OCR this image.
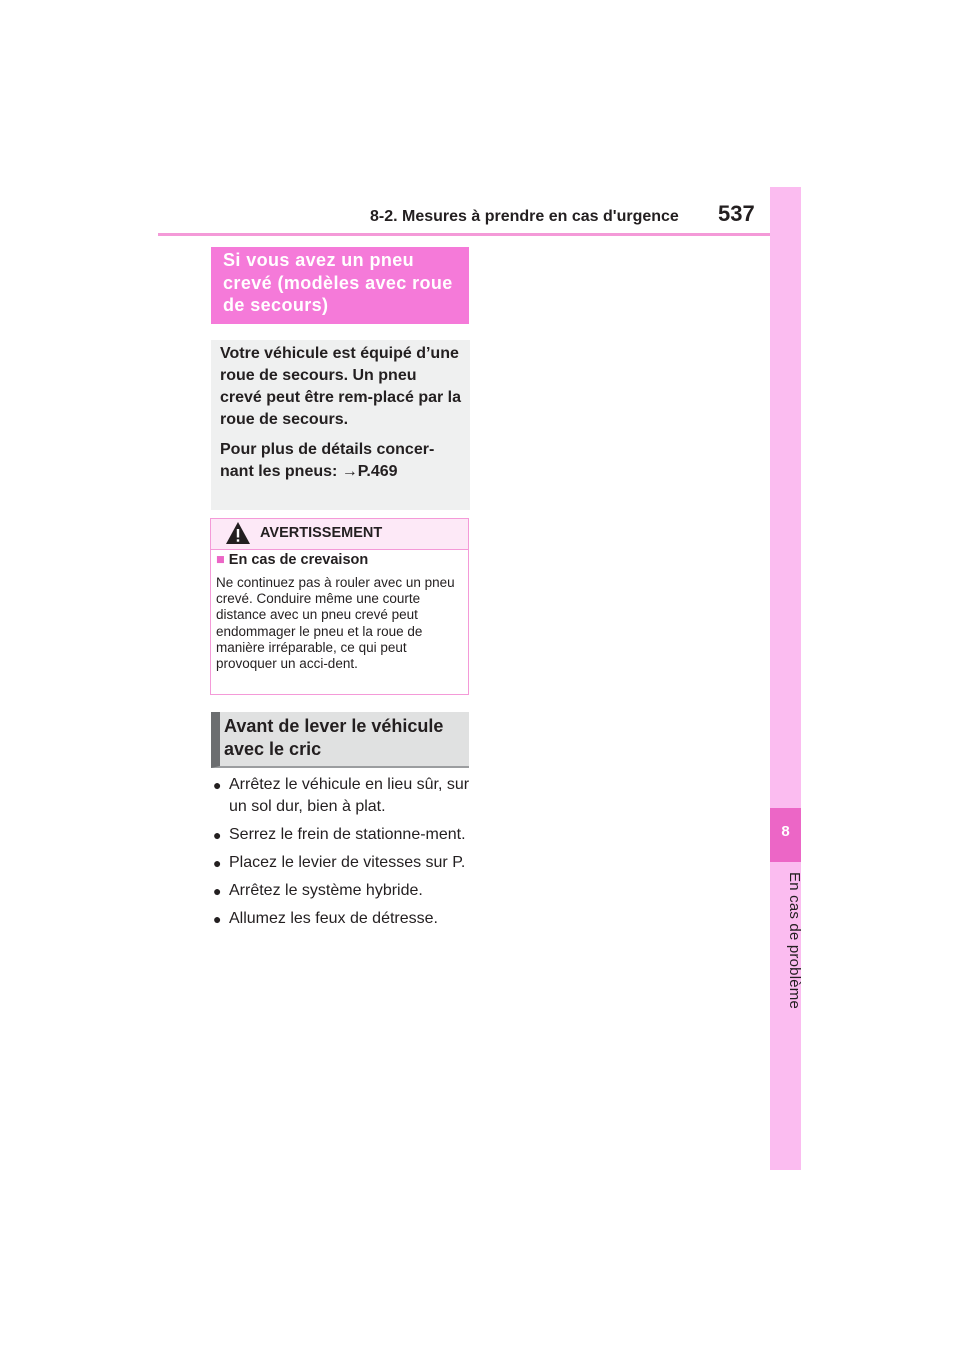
8-2. Mesures à prendre en cas d'urgence 537
8
En cas de problème
Si vous avez un pneu crevé (modèles avec roue de secours)

Votre véhicule est équipé d’une roue de secours. Un pneu crevé peut être rem-placé par la roue de secours.

Pour plus de détails concer-nant les pneus: →P.469

AVERTISSEMENT
■ En cas de crevaison
Ne continuez pas à rouler avec un pneu crevé. Conduire même une courte distance avec un pneu crevé peut endommager le pneu et la roue de manière irréparable, ce qui peut provoquer un acci-dent.
Avant de lever le véhicule avec le cric
● Arrêtez le véhicule en lieu sûr, sur un sol dur, bien à plat.
● Serrez le frein de stationne-ment.
● Placez le levier de vitesses sur P.
● Arrêtez le système hybride.
● Allumez les feux de détresse.
